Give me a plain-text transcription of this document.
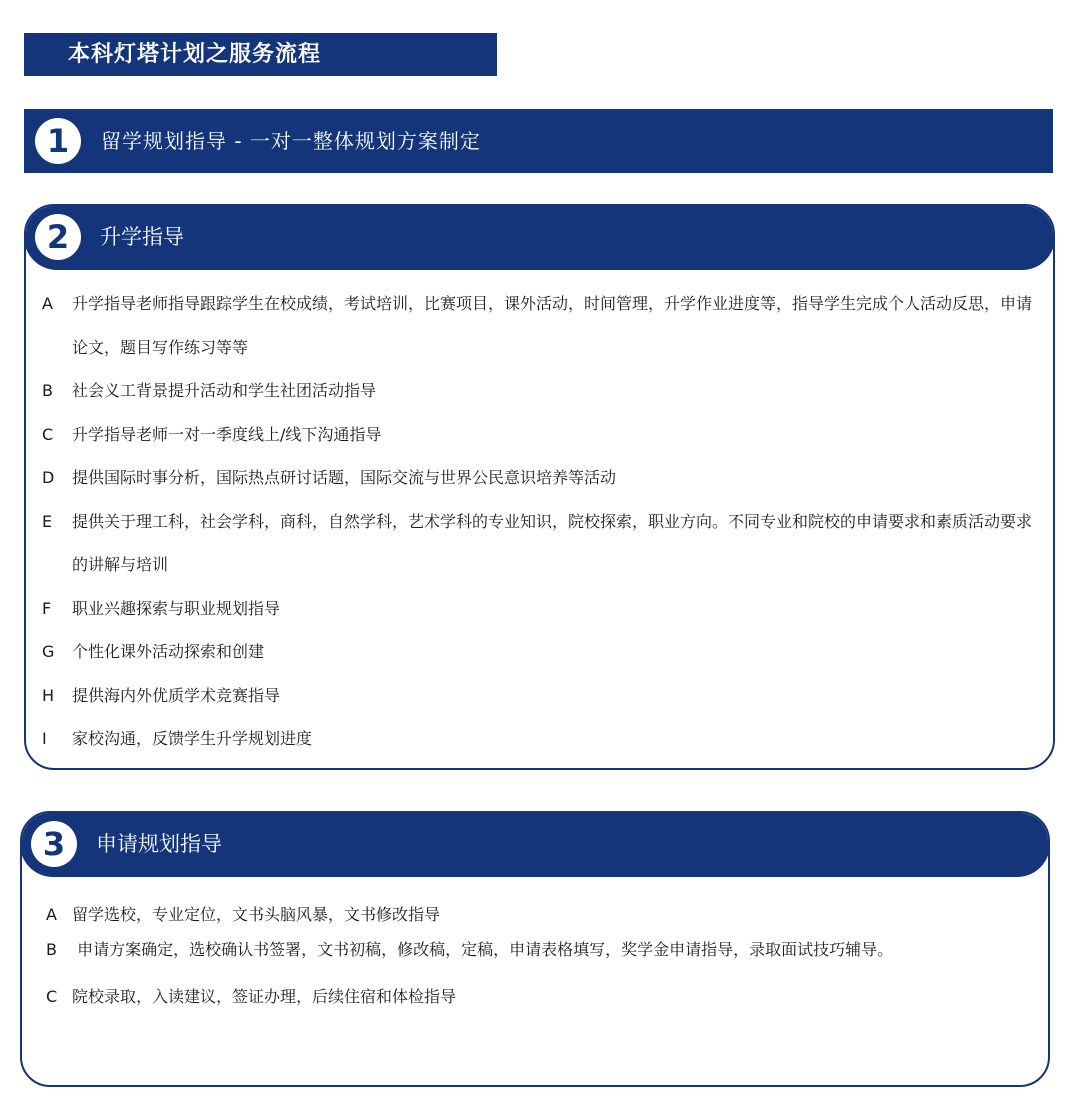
本科灯塔计划之服务流程
1	留学规划指导 - 一对一整体规划方案制定
2	升学指导
A	升学指导老师指导跟踪学生在校成绩，考试培训，比赛项目，课外活动，时间管理，升学作业进度等，指导学生完成个人活动反思，申请论文，题目写作练习等等
B	社会义工背景提升活动和学生社团活动指导
C	升学指导老师一对一季度线上/线下沟通指导
D	提供国际时事分析，国际热点研讨话题，国际交流与世界公民意识培养等活动
E	提供关于理工科，社会学科，商科，自然学科，艺术学科的专业知识，院校探索，职业方向。不同专业和院校的申请要求和素质活动要求的讲解与培训
F	职业兴趣探索与职业规划指导
G	个性化课外活动探索和创建
H	提供海内外优质学术竞赛指导
I	家校沟通，反馈学生升学规划进度
3	申请规划指导
A 留学选校，专业定位，文书头脑风暴，文书修改指导
B 申请方案确定，选校确认书签署，文书初稿，修改稿，定稿，申请表格填写，奖学金申请指导，录取面试技巧辅导。
C 院校录取，入读建议，签证办理，后续住宿和体检指导
